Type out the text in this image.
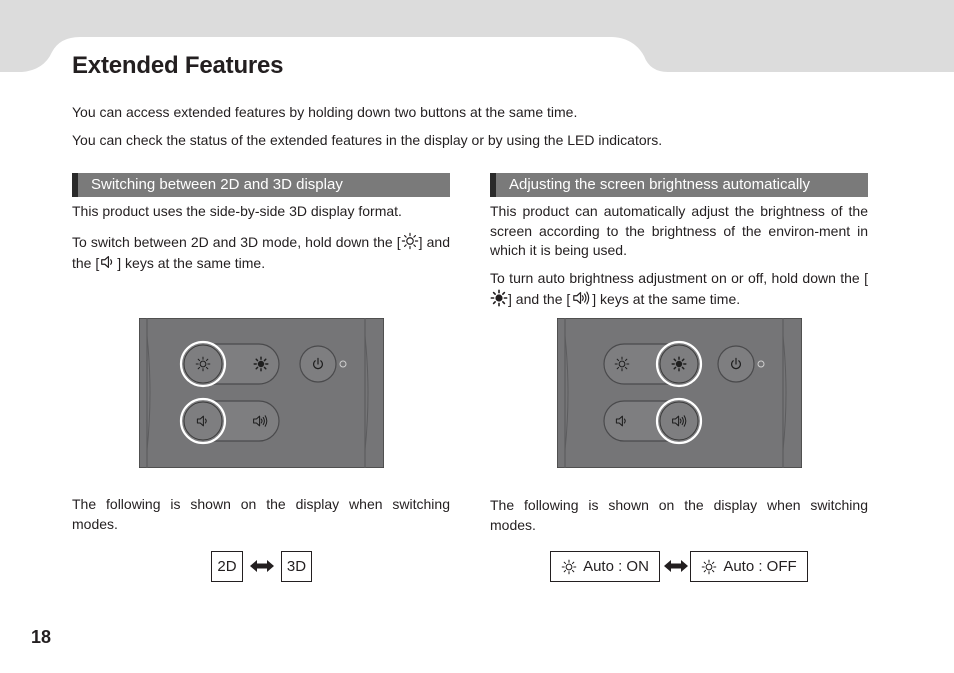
Extended Features
You can access extended features by holding down two buttons at the same time.
You can check the status of the extended features in the display or by using the LED indicators.
Switching between 2D and 3D display

This product uses the side-by-side 3D display format.

To switch between 2D and 3D mode, hold down the [ ] and the [ ] keys at the same time.

The following is shown on the display when switching modes.

2D	3D
Adjusting the screen brightness automatically

This product can automatically adjust the brightness of the screen according to the brightness of the environ-ment in which it is being used.

To turn auto brightness adjustment on or off, hold down the [] and the [ ] keys at the same time.

The following is shown on the display when switching modes.

Auto : ON	Auto : OFF
18
